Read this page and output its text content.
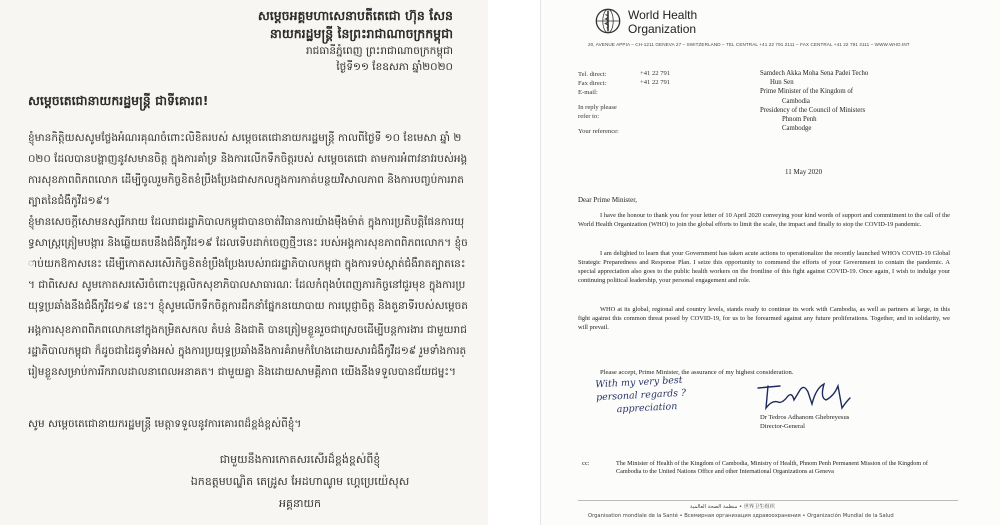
សម្ដេចអគ្គមហាសេនាបតីតេជោ ហ៊ុន សែន
នាយករដ្ឋមន្ត្រី នៃព្រះរាជាណាចក្រកម្ពុជា
រាជធានីភ្នំពេញ ព្រះរាជាណាចក្រកម្ពុជា
ថ្ងៃទី១១ ខែឧសភា ឆ្នាំ២០២០
សម្ដេចតេជោនាយករដ្ឋមន្ត្រី ជាទីគោរព!
ខ្ញុំមានកិត្តិយសសូមថ្លែងអំណរគុណចំពោះលិខិតរបស់ សម្ដេចតេជោនាយករដ្ឋមន្ត្រី កាលពីថ្ងៃទី ១០ ខែមេសា ឆ្នាំ ២០២០ ដែលបានបង្ហាញនូវសមានចិត្ត ក្នុងការគាំទ្រ និងការលើកទឹកចិត្តរបស់ សម្ដេចតេជោ តាមការអំពាវនាវរបស់អង្គការសុខភាពពិភពលោក ដើម្បីចូលរួមកិច្ចខិតខំប្រឹងប្រែងជាសកលក្នុងការកាត់បន្ថយវិសាលភាព និងការបញ្ចប់ការរាតត្បាតនៃជំងឺកូវីដ១៩។
ខ្ញុំមានសេចក្ដីសោមនស្សរីករាយ ដែលរាជរដ្ឋាភិបាលកម្ពុជាបានចាត់វិធានការយ៉ាងម៉ឺងម៉ាត់ ក្នុងការប្រតិបត្តិផែនការយុទ្ធសាស្ត្រត្រៀមបង្ការ និងឆ្លើយតបនឹងជំងឺកូវីដ១៩ ដែលទើបដាក់ចេញថ្មីៗនេះ របស់អង្គការសុខភាពពិភពលោក។ ខ្ញុំចាប់យកឱកាសនេះ ដើម្បីកោតសរសើរកិច្ចខិតខំប្រឹងប្រែងរបស់រាជរដ្ឋាភិបាលកម្ពុជា ក្នុងការទប់ស្កាត់ជំងឺរាតត្បាតនេះ។ ជាពិសេស សូមកោតសរសើរចំពោះបុគ្គលិកសុខាភិបាលសាធារណៈ ដែលកំពុងបំពេញភារកិច្ចនៅជួរមុខ ក្នុងការប្រយុទ្ធប្រឆាំងនឹងជំងឺកូវីដ១៩ នេះ។ ខ្ញុំសូមលើកទឹកចិត្តការដឹកនាំផ្នែកនយោបាយ ការប្ដេជ្ញាចិត្ត និងតួនាទីរបស់សម្ដេច
អង្គការសុខភាពពិភពលោកនៅក្នុងកម្រិតសកល តំបន់ និងជាតិ បានត្រៀមខ្លួនរួចជាស្រេចដើម្បីបន្តការងារ ជាមួយរាជរដ្ឋាភិបាលកម្ពុជា ក៏ដូចជាដៃគូទាំងអស់ ក្នុងការប្រយុទ្ធប្រឆាំងនឹងការគំរាមកំហែងដោយសារជំងឺកូវីដ១៩ រួមទាំងការត្រៀមខ្លួនសម្រាប់ការរីករាលដាលនាពេលអនាគត។ ជាមួយគ្នា និងដោយសាមគ្គីភាព យើងនឹងទទួលបានជ័យជម្នះ។
សូម សម្ដេចតេជោនាយករដ្ឋមន្ត្រី មេត្តាទទួលនូវការគោរពដ៏ខ្ពង់ខ្ពស់ពីខ្ញុំ។
ជាមួយនឹងការកោតសរសើរដ៏ខ្ពង់ខ្ពស់ពីខ្ញុំ
ឯកឧត្ដមបណ្ឌិត តេដ្រូស អែដហាណូម ហ្គេប្រេយ៉េសុស
អគ្គនាយក
World Health
Organization
20, AVENUE APPIA – CH-1211 GENEVA 27 – SWITZERLAND – TEL CENTRAL +41 22 791 2111 – FAX CENTRAL +41 22 791 3111 – WWW.WHO.INT
Tel. direct:	+41 22 791
Fax direct:	+41 22 791
E-mail:
In reply please
refer to:
Your reference:
Samdech Akka Moha Sena Padei Techo
Hun Sen
Prime Minister of the Kingdom of
Cambodia
Presidency of the Council of Ministers
Phnom Penh
Cambodge
11 May 2020
Dear Prime Minister,
I have the honour to thank you for your letter of 10 April 2020 conveying your kind words of support and commitment to the call of the World Health Organization (WHO) to join the global efforts to limit the scale, the impact and finally to stop the COVID-19 pandemic.
I am delighted to learn that your Government has taken acute actions to operationalize the recently launched WHO's COVID-19 Global Strategic Preparedness and Response Plan. I seize this opportunity to commend the efforts of your Government to contain the pandemic. A special appreciation also goes to the public health workers on the frontline of this fight against COVID-19. Once again, I wish to indulge your continuing political leadership, your personal engagement and role.
WHO at its global, regional and country levels, stands ready to continue its work with Cambodia, as well as partners at large, in this fight against this common threat posed by COVID-19, for us to be forearmed against any future proliferations. Together, and in solidarity, we will prevail.
Please accept, Prime Minister, the assurance of my highest consideration.
With my very best
personal regards ?
appreciation
Dr Tedros Adhanom Ghebreyesus
Director-General
cc:	The Minister of Health of the Kingdom of Cambodia, Ministry of Health, Phnom Penh Permanent Mission of the Kingdom of Cambodia to the United Nations Office and other International Organizations at Geneva
منظمة الصحة العالمية • 世界卫生组织
Organisation mondiale de la Santé • Всемирная организация здравоохранения • Organización Mundial de la Salud
